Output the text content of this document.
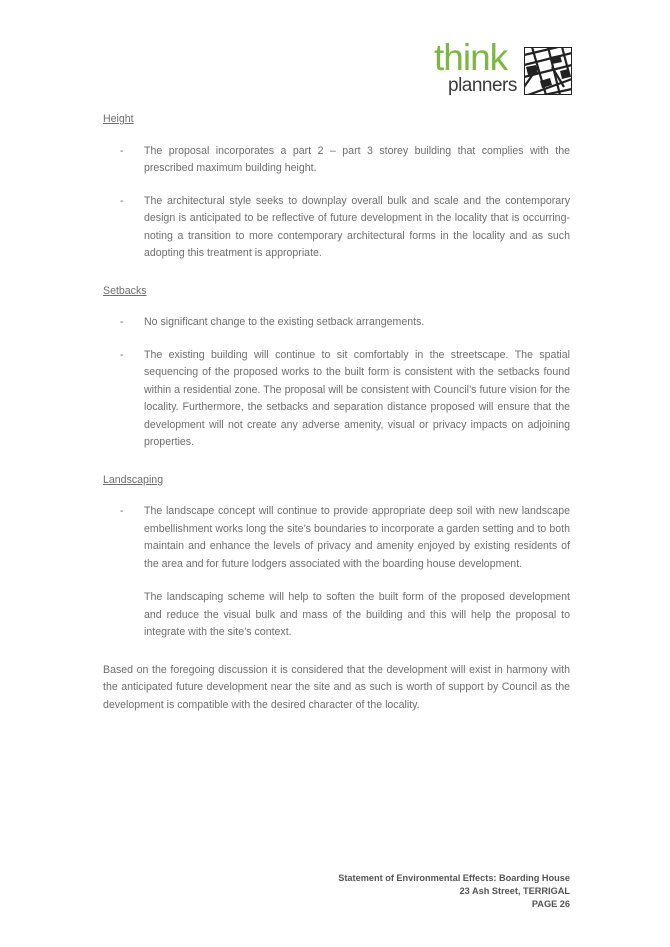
think
planners
Height
- The proposal incorporates a part 2 – part 3 storey building that complies with the prescribed maximum building height.

- The architectural style seeks to downplay overall bulk and scale and the contemporary design is anticipated to be reflective of future development in the locality that is occurring- noting a transition to more contemporary architectural forms in the locality and as such adopting this treatment is appropriate.

Setbacks
- No significant change to the existing setback arrangements.

- The existing building will continue to sit comfortably in the streetscape. The spatial sequencing of the proposed works to the built form is consistent with the setbacks found within a residential zone. The proposal will be consistent with Council’s future vision for the locality. Furthermore, the setbacks and separation distance proposed will ensure that the development will not create any adverse amenity, visual or privacy impacts on adjoining properties.

Landscaping
- The landscape concept will continue to provide appropriate deep soil with new landscape embellishment works long the site’s boundaries to incorporate a garden setting and to both maintain and enhance the levels of privacy and amenity enjoyed by existing residents of the area and for future lodgers associated with the boarding house development.

The landscaping scheme will help to soften the built form of the proposed development and reduce the visual bulk and mass of the building and this will help the proposal to integrate with the site’s context.

Based on the foregoing discussion it is considered that the development will exist in harmony with the anticipated future development near the site and as such is worth of support by Council as the development is compatible with the desired character of the locality.

Statement of Environmental Effects: Boarding House
23 Ash Street, TERRIGAL
PAGE 26
